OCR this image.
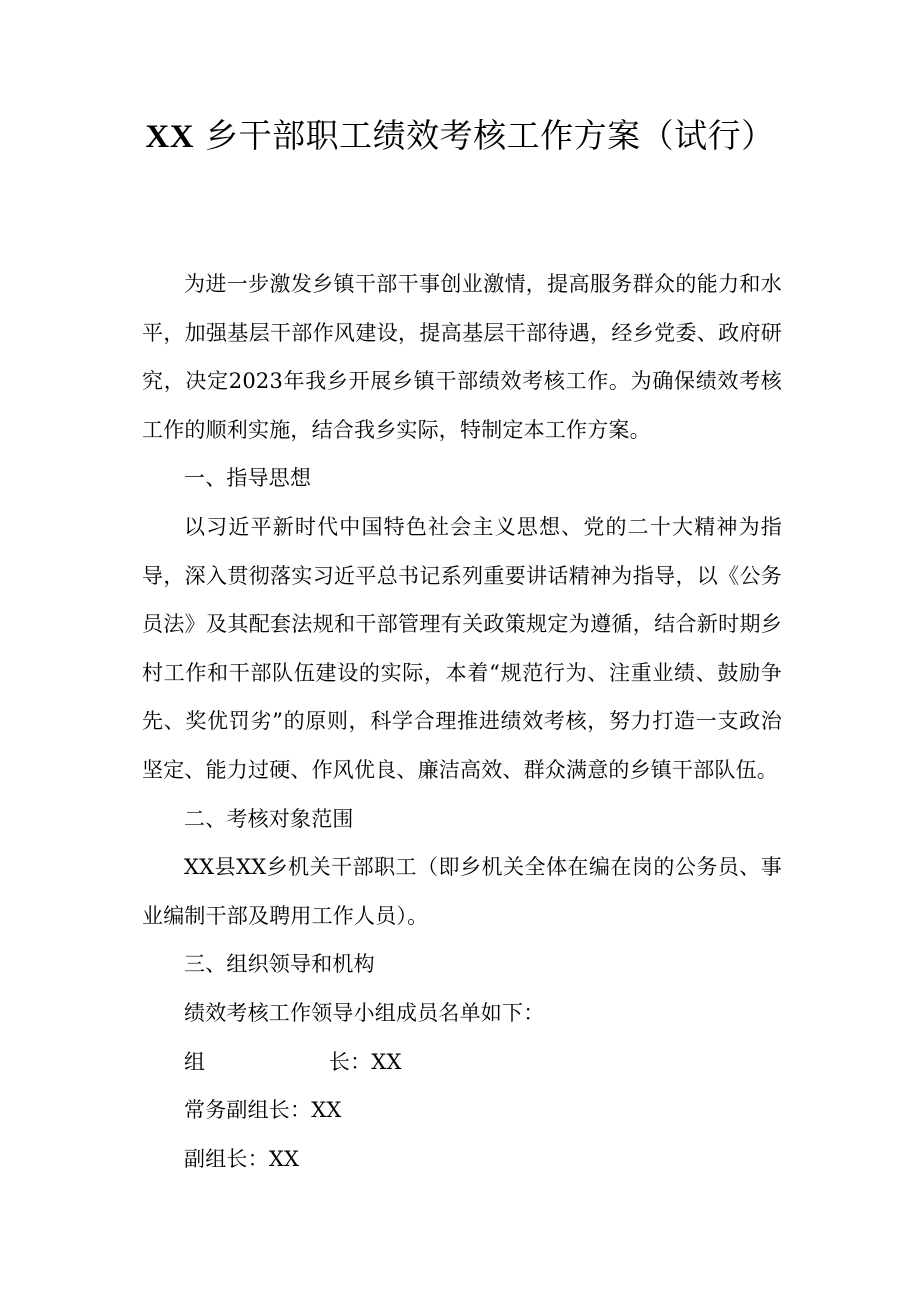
XX 乡干部职工绩效考核工作方案（试行）

为进一步激发乡镇干部干事创业激情，提高服务群众的能力和水平，加强基层干部作风建设，提高基层干部待遇，经乡党委、政府研究，决定2023年我乡开展乡镇干部绩效考核工作。为确保绩效考核工作的顺利实施，结合我乡实际，特制定本工作方案。

一、指导思想

以习近平新时代中国特色社会主义思想、党的二十大精神为指导，深入贯彻落实习近平总书记系列重要讲话精神为指导，以《公务员法》及其配套法规和干部管理有关政策规定为遵循，结合新时期乡村工作和干部队伍建设的实际，本着“规范行为、注重业绩、鼓励争先、奖优罚劣”的原则，科学合理推进绩效考核，努力打造一支政治坚定、能力过硬、作风优良、廉洁高效、群众满意的乡镇干部队伍。

二、考核对象范围

XX县XX乡机关干部职工（即乡机关全体在编在岗的公务员、事业编制干部及聘用工作人员）。

三、组织领导和机构

绩效考核工作领导小组成员名单如下：

组	长：XX
常务副组长：XX
副组长：XX
